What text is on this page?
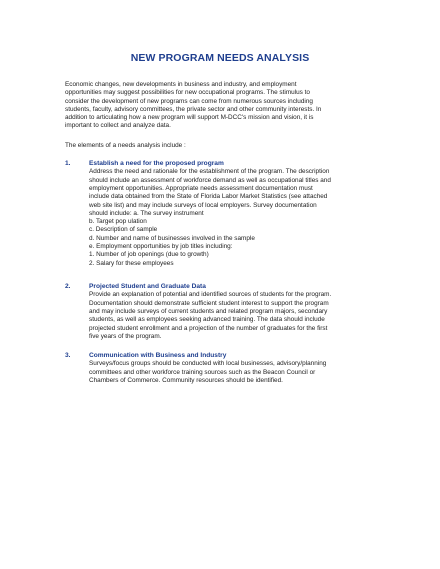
NEW PROGRAM NEEDS ANALYSIS
Economic changes, new developments in business and industry, and employment
opportunities may suggest possibilities for new occupational programs. The stimulus to
consider the development of new programs can come from numerous sources including
students, faculty, advisory committees, the private sector and other community interests. In
addition to articulating how a new program will support M-DCC's mission and vision, it is
important to collect and analyze data.

The elements of a needs analysis include :

1.	Establish a need for the proposed program
Address the need and rationale for the establishment of the program. The description
should include an assessment of workforce demand as well as occupational titles and
employment opportunities. Appropriate needs assessment documentation must
include data obtained from the State of Florida Labor Market Statistics (see attached
web site list) and may include surveys of local employers. Survey documentation
should include: a. The survey instrument
b. Target pop ulation
c. Description of sample
d. Number and name of businesses involved in the sample
e. Employment opportunities by job titles including:
1. Number of job openings (due to growth)
2. Salary for these employees
2.	Projected Student and Graduate Data
Provide an explanation of potential and identified sources of students for the program.
Documentation should demonstrate sufficient student interest to support the program
and may include surveys of current students and related program majors, secondary
students, as well as employees seeking advanced training. The data should include
projected student enrollment and a projection of the number of graduates for the first
five years of the program.
3.	Communication with Business and Industry
Surveys/focus groups should be conducted with local businesses, advisory/planning
committees and other workforce training sources such as the Beacon Council or
Chambers of Commerce. Community resources should be identified.
